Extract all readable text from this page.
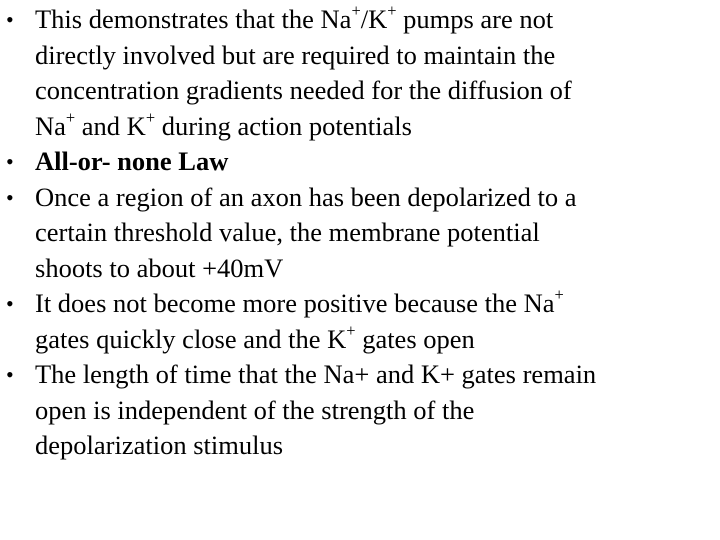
• This demonstrates that the Na+/K+ pumps are not
directly involved but are required to maintain the
concentration gradients needed for the diffusion of
Na+ and K+ during action potentials
• All-or- none Law
• Once a region of an axon has been depolarized to a
certain threshold value, the membrane potential
shoots to about +40mV
• It does not become more positive because the Na+
gates quickly close and the K+ gates open
• The length of time that the Na+ and K+ gates remain
open is independent of the strength of the
depolarization stimulus
